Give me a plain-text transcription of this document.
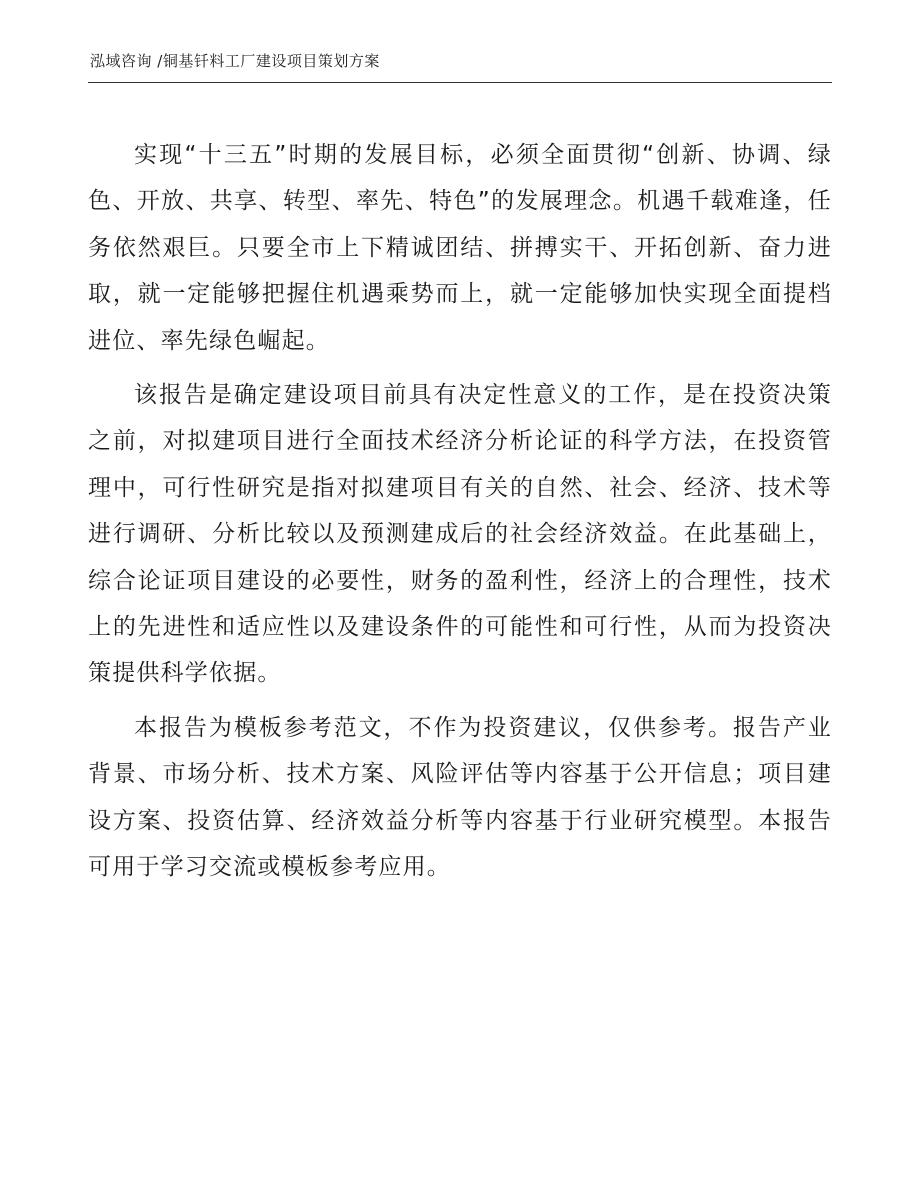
泓域咨询 /铜基钎料工厂建设项目策划方案

实现“十三五”时期的发展目标，必须全面贯彻“创新、协调、绿色、开放、共享、转型、率先、特色”的发展理念。机遇千载难逢，任务依然艰巨。只要全市上下精诚团结、拼搏实干、开拓创新、奋力进取，就一定能够把握住机遇乘势而上，就一定能够加快实现全面提档进位、率先绿色崛起。

该报告是确定建设项目前具有决定性意义的工作，是在投资决策之前，对拟建项目进行全面技术经济分析论证的科学方法，在投资管理中，可行性研究是指对拟建项目有关的自然、社会、经济、技术等进行调研、分析比较以及预测建成后的社会经济效益。在此基础上，综合论证项目建设的必要性，财务的盈利性，经济上的合理性，技术上的先进性和适应性以及建设条件的可能性和可行性，从而为投资决策提供科学依据。

本报告为模板参考范文，不作为投资建议，仅供参考。报告产业背景、市场分析、技术方案、风险评估等内容基于公开信息；项目建设方案、投资估算、经济效益分析等内容基于行业研究模型。本报告可用于学习交流或模板参考应用。
